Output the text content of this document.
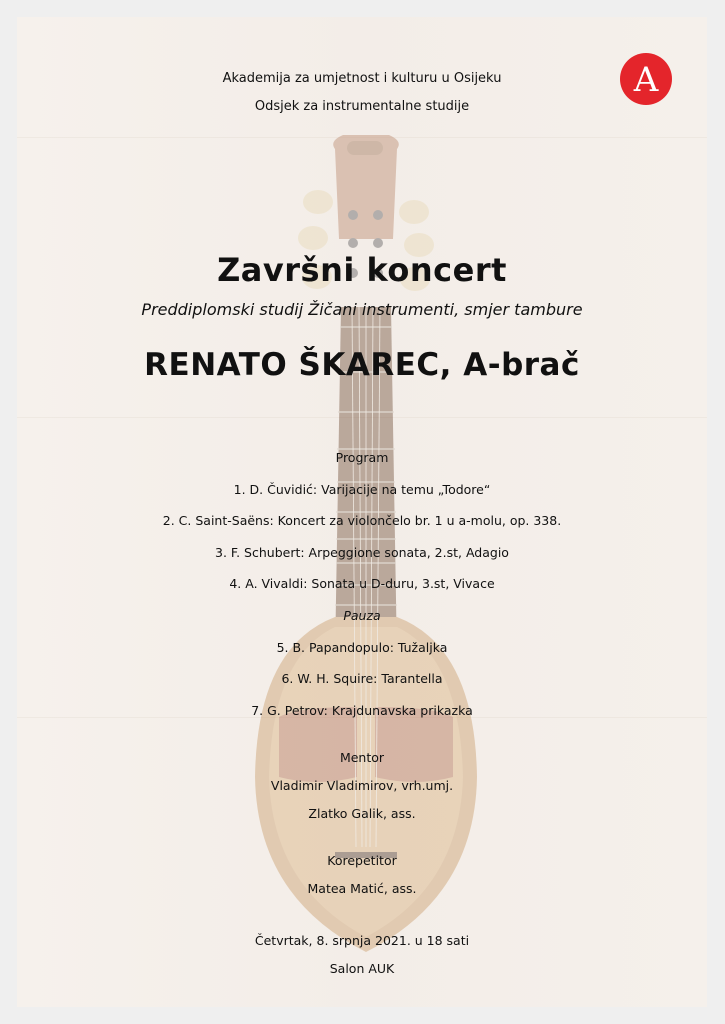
A
Akademija za umjetnost i kulturu u Osijeku
Odsjek za instrumentalne studije
Završni koncert
Preddiplomski studij Žičani instrumenti, smjer tambure
RENATO ŠKAREC, A-brač
Program
1. D. Čuvidić: Varijacije na temu „Todore“
2. C. Saint-Saëns: Koncert za violončelo br. 1 u a-molu, op. 338.
3. F. Schubert: Arpeggione sonata, 2.st, Adagio
4. A. Vivaldi: Sonata u D-duru, 3.st, Vivace
Pauza
5. B. Papandopulo: Tužaljka
6. W. H. Squire: Tarantella
7. G. Petrov: Krajdunavska prikazka
Mentor
Vladimir Vladimirov, vrh.umj.
Zlatko Galik, ass.
Korepetitor
Matea Matić, ass.
Četvrtak, 8. srpnja 2021. u 18 sati
Salon AUK
